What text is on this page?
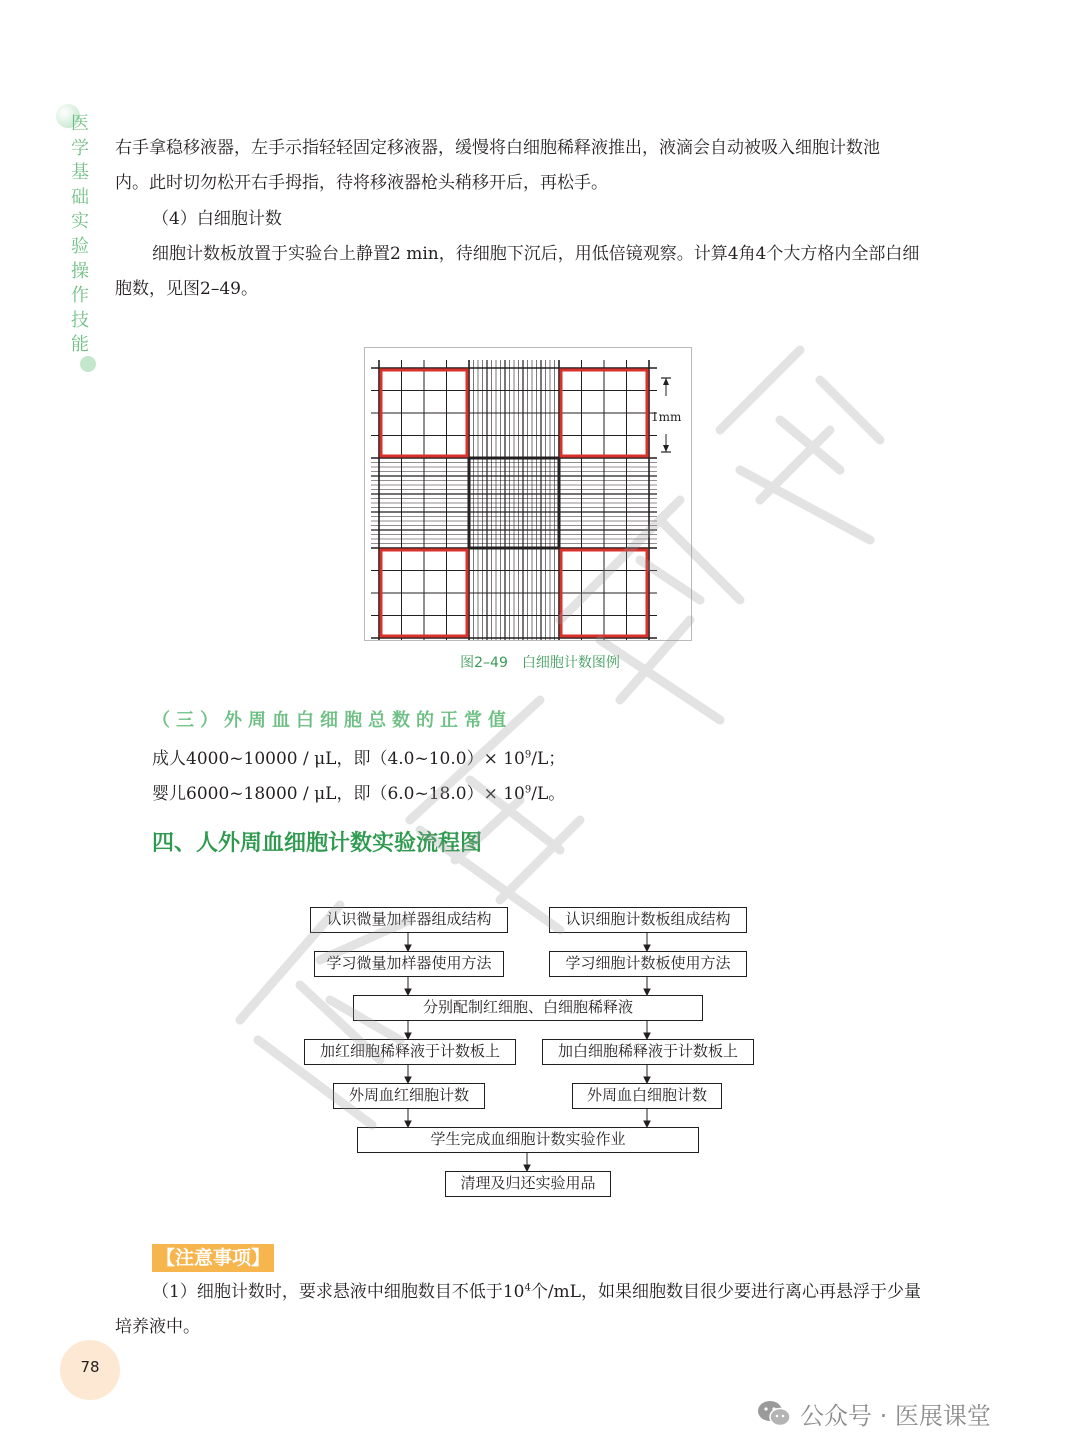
医
学
基
础
实
验
操
作
技
能
右手拿稳移液器，左手示指轻轻固定移液器，缓慢将白细胞稀释液推出，液滴会自动被吸入细胞计数池
内。此时切勿松开右手拇指，待将移液器枪头稍移开后，再松手。
（4）白细胞计数
细胞计数板放置于实验台上静置2 min，待细胞下沉后，用低倍镜观察。计算4角4个大方格内全部白细
胞数，见图2–49。
1mm
图2–49　白细胞计数图例
（三）外周血白细胞总数的正常值
成人4000~10000 / μL，即（4.0~10.0）× $10^9/L$；
婴儿6000~18000 / μL，即（6.0~18.0）× $10^9/L$。
四、人外周血细胞计数实验流程图
认识微量加样器组成结构	认识细胞计数板组成结构
学习微量加样器使用方法	学习细胞计数板使用方法
分别配制红细胞、白细胞稀释液
加红细胞稀释液于计数板上	加白细胞稀释液于计数板上
外周血红细胞计数	外周血白细胞计数
学生完成血细胞计数实验作业
清理及归还实验用品
【注意事项】
（1）细胞计数时，要求悬液中细胞数目不低于$10^4$个/mL，如果细胞数目很少要进行离心再悬浮于少量
培养液中。
78
公众号 · 医展课堂
